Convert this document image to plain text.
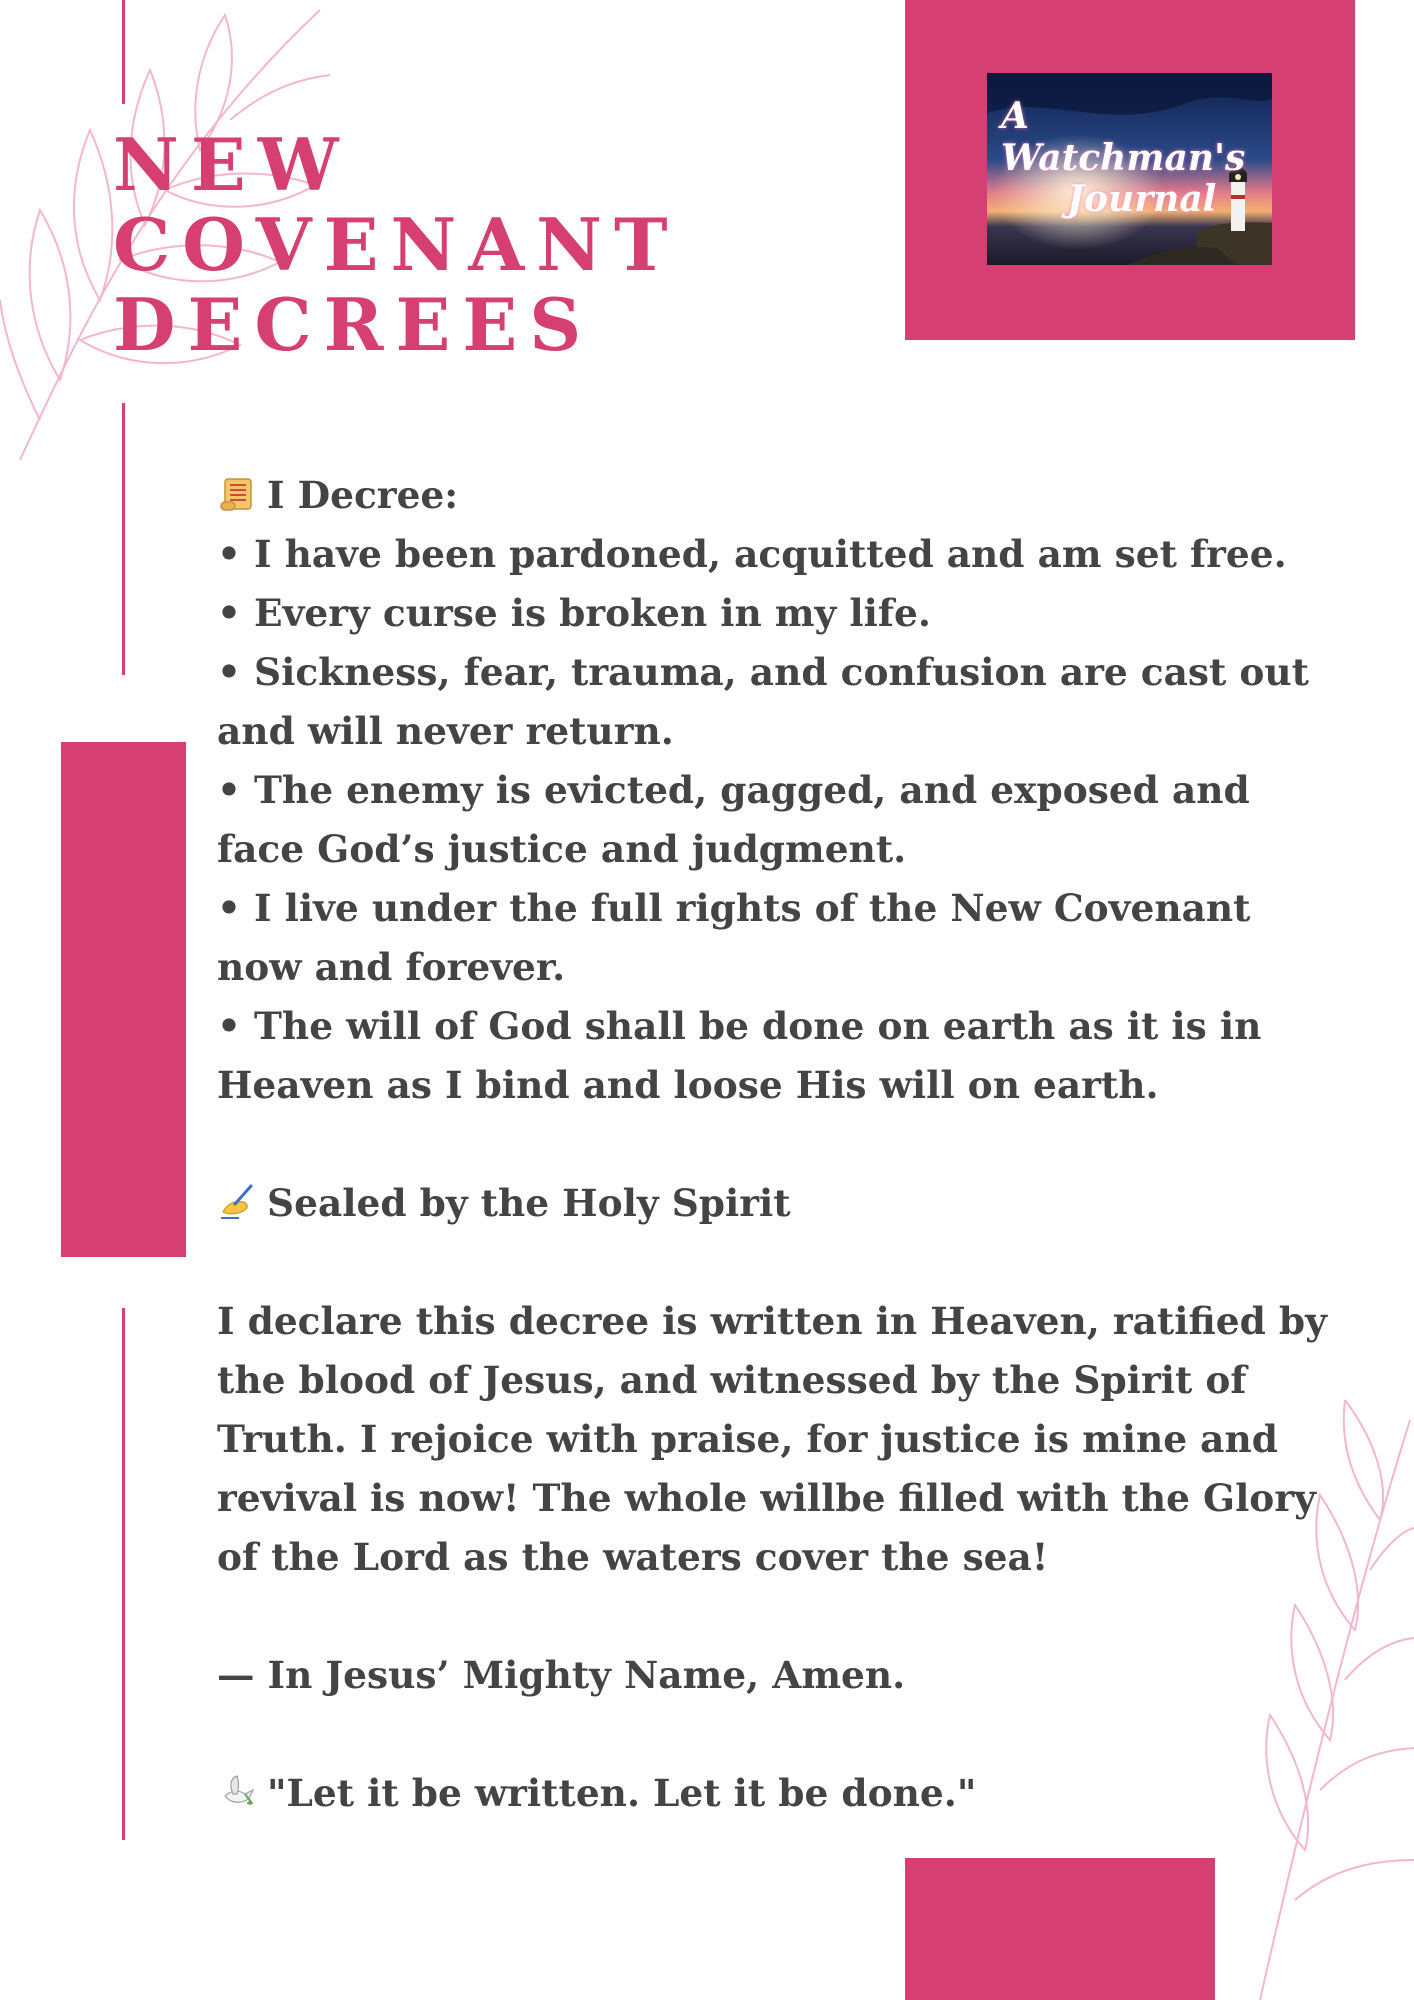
NEW
COVENANT
DECREES
A Watchman's
Journal

I Decree:

• I have been pardoned, acquitted and am set free.

• Every curse is broken in my life.

• Sickness, fear, trauma, and confusion are cast out and will never return.

• The enemy is evicted, gagged, and exposed and face God’s justice and judgment.

• I live under the full rights of the New Covenant now and forever.

• The will of God shall be done on earth as it is in Heaven as I bind and loose His will on earth.

Sealed by the Holy Spirit

I declare this decree is written in Heaven, ratified by the blood of Jesus, and witnessed by the Spirit of Truth. I rejoice with praise, for justice is mine and revival is now! The whole willbe filled with the Glory of the Lord as the waters cover the sea!

— In Jesus’ Mighty Name, Amen.

"Let it be written. Let it be done."
